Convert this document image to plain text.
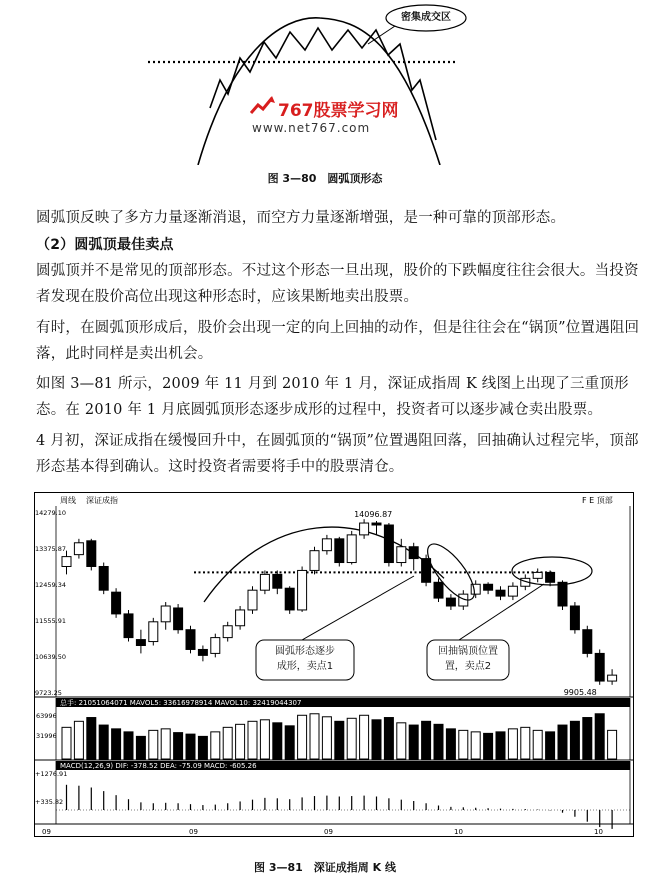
密集成交区
767股票学习网
www.net767.com
图 3—80　圆弧顶形态

圆弧顶反映了多方力量逐渐消退，而空方力量逐渐增强，是一种可靠的顶部形态。

（2）圆弧顶最佳卖点

圆弧顶并不是常见的顶部形态。不过这个形态一旦出现，股价的下跌幅度往往会很大。当投资者发现在股价高位出现这种形态时，应该果断地卖出股票。

有时，在圆弧顶形成后，股价会出现一定的向上回抽的动作，但是往往会在“锅顶”位置遇阻回落，此时同样是卖出机会。

如图 3—81 所示，2009 年 11 月到 2010 年 1 月，深证成指周 K 线图上出现了三重顶形态。在 2010 年 1 月底圆弧顶形态逐步成形的过程中，投资者可以逐步减仓卖出股票。

4 月初，深证成指在缓慢回升中，在圆弧顶的“锅顶”位置遇阻回落，回抽确认过程完毕，顶部形态基本得到确认。这时投资者需要将手中的股票清仓。

周线 深证成指	F E 顶部
14279.10
13375.87
12459.34
11555.91
10639.50
9723.25
14096.87
9905.48
总手: 21051064071 MAVOL5: 33616978914 MAVOL10: 32419044307
63996
31996
MACD(12,26,9) DIF: -378.52 DEA: -75.09 MACD: -605.26
+1276.91
+335.82
09	09	09	10	10
圆弧形态逐步
成形，卖点1
回抽锅顶位置
置，卖点2
图 3—81　深证成指周 K 线
